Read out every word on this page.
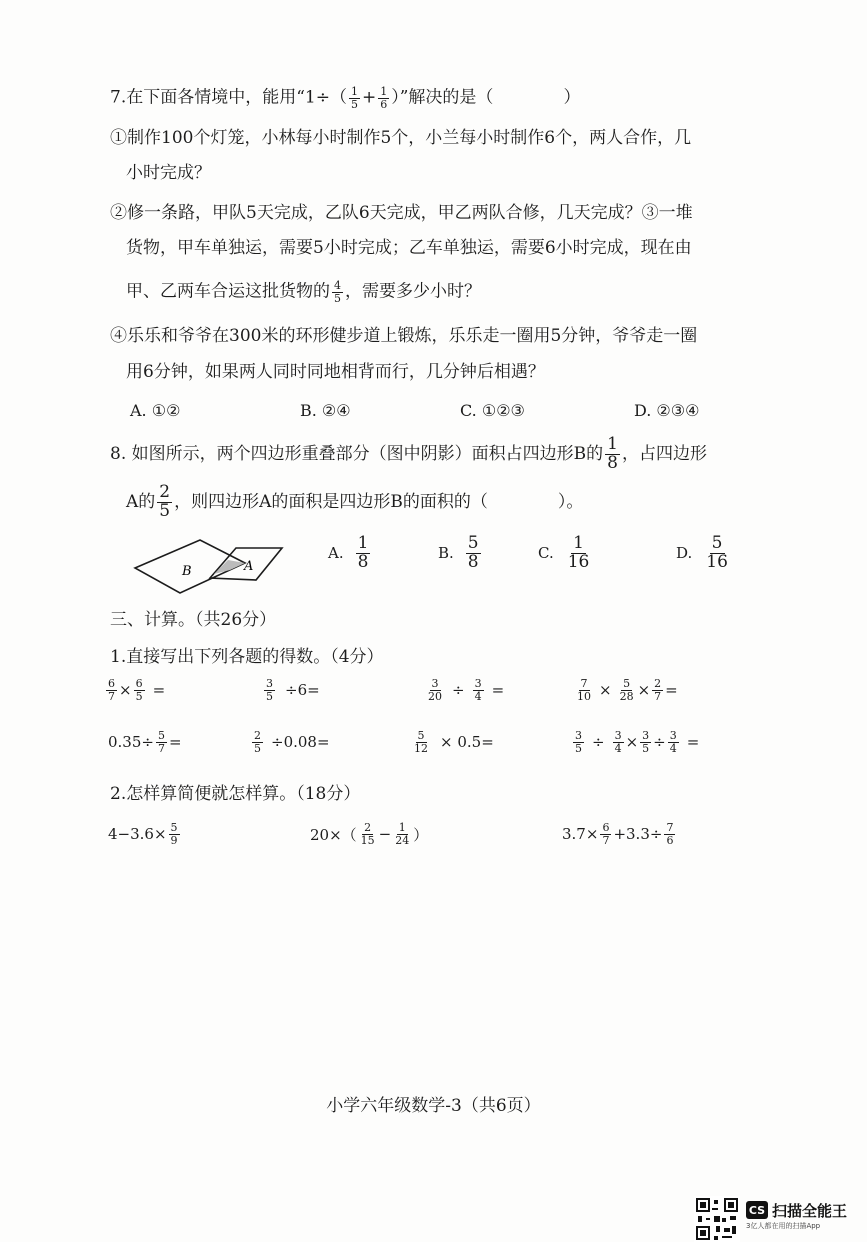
7.在下面各情境中，能用“$1\div( \frac{1}{5} + \frac{1}{6}$ ）”解决的是（	）
①制作100个灯笼，小林每小时制作5个，小兰每小时制作6个，两人合作，几
小时完成？
②修一条路，甲队5天完成，乙队6天完成，甲乙两队合修，几天完成？③一堆
货物，甲车单独运，需要5小时完成；乙车单独运，需要6小时完成，现在由
甲、乙两车合运这批货物的 $\frac{4}{5}$ ，需要多少小时？
④乐乐和爷爷在300米的环形健步道上锻炼，乐乐走一圈用5分钟，爷爷走一圈
用6分钟，如果两人同时同地相背而行，几分钟后相遇？
A. ①②	B. ②④	C. ①②③	D. ②③④
8. 如图所示，两个四边形重叠部分（图中阴影）面积占四边形B的 $\frac{1}{8}$ ，占四边形
A的 $\frac{2}{5}$ ，则四边形A的面积是四边形B的面积的（	）。
B	A
A. $\frac{1}{8}$	B. $\frac{5}{8}$	C. $\frac{1}{16}$	D. $\frac{5}{16}$
三、计算。（共26分）
1.直接写出下列各题的得数。（4分）
$\frac{6}{7} \times \frac{6}{5}$ =	$\frac{3}{5} \div 6=$	$\frac{3}{20} \div \frac{3}{4}$ =	$\frac{7}{10} \times \frac{5}{28} \times \frac{2}{7}$ =
$0.35\div \frac{5}{7}$ =	$\frac{2}{5} \div 0.08=$	$\frac{5}{12} \times 0.5=$	$\frac{3}{5} \div \frac{3}{4} \times \frac{3}{5} \div \frac{3}{4}$ =
2.怎样算简便就怎样算。（18分）
$4-3.6\times \frac{5}{9}$	$20\times( \frac{2}{15} - \frac{1}{24}$ ）	$3.7\times \frac{6}{7} +3.3\div \frac{7}{6}$
小学六年级数学-3（共6页）
CS 扫描全能王
3亿人都在用的扫描App
